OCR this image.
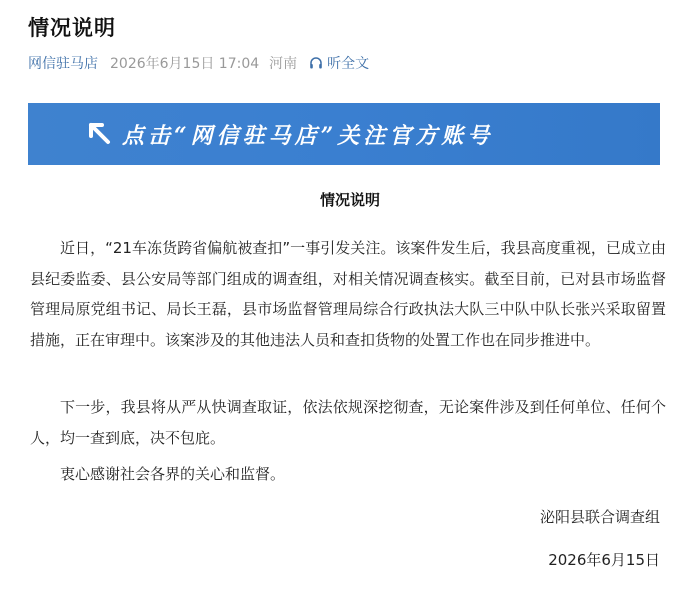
情况说明
网信驻马店 2026年6月15日 17:04 河南 听全文
点击“网信驻马店”关注官方账号
情况说明

近日，“21车冻货跨省偏航被查扣”一事引发关注。该案件发生后，我县高度重视，已成立由县纪委监委、县公安局等部门组成的调查组，对相关情况调查核实。截至目前，已对县市场监督管理局原党组书记、局长王磊，县市场监督管理局综合行政执法大队三中队中队长张兴采取留置措施，正在审理中。该案涉及的其他违法人员和查扣货物的处置工作也在同步推进中。

下一步，我县将从严从快调查取证，依法依规深挖彻查，无论案件涉及到任何单位、任何个人，均一查到底，决不包庇。

衷心感谢社会各界的关心和监督。

泌阳县联合调查组
2026年6月15日
